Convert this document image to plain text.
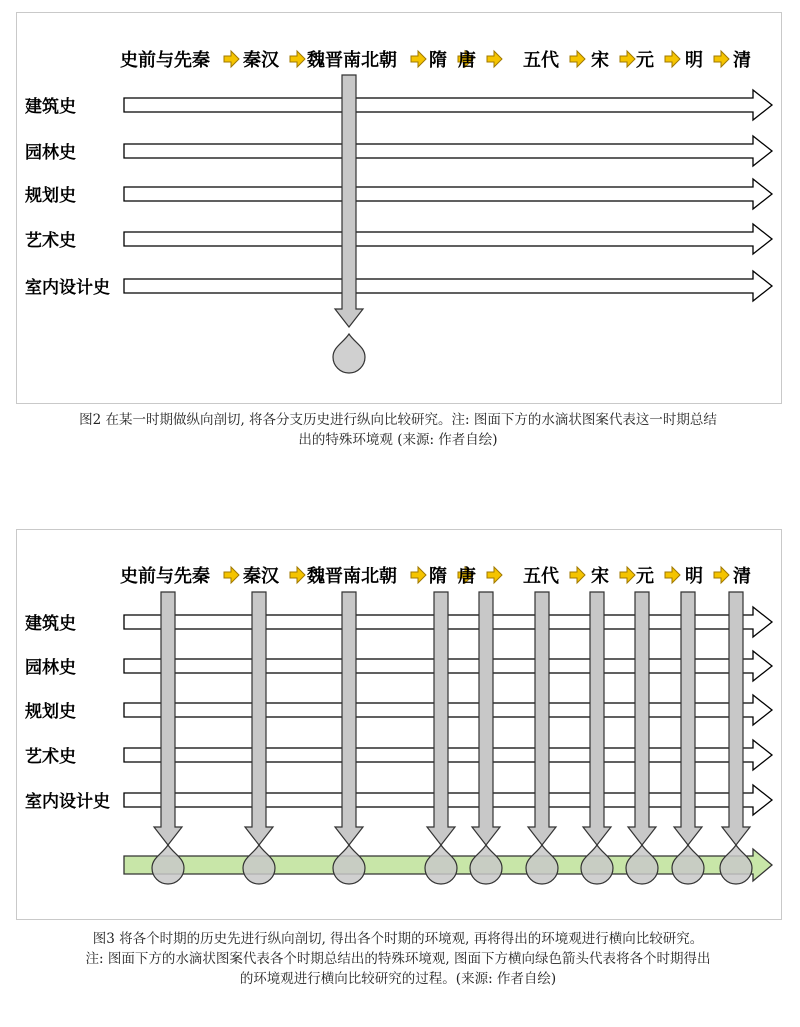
史前与先秦 秦汉 魏晋南北朝 隋 唐	五代 宋 元 明 清
建筑史
园林史
规划史
艺术史
室内设计史
图2 在某一时期做纵向剖切, 将各分支历史进行纵向比较研究。注: 图面下方的水滴状图案代表这一时期总结
出的特殊环境观 (来源: 作者自绘)
史前与先秦 秦汉 魏晋南北朝 隋 唐	五代 宋 元 明 清
建筑史
园林史
规划史
艺术史
室内设计史
图3 将各个时期的历史先进行纵向剖切, 得出各个时期的环境观, 再将得出的环境观进行横向比较研究。
注: 图面下方的水滴状图案代表各个时期总结出的特殊环境观, 图面下方横向绿色箭头代表将各个时期得出
的环境观进行横向比较研究的过程。(来源: 作者自绘)
